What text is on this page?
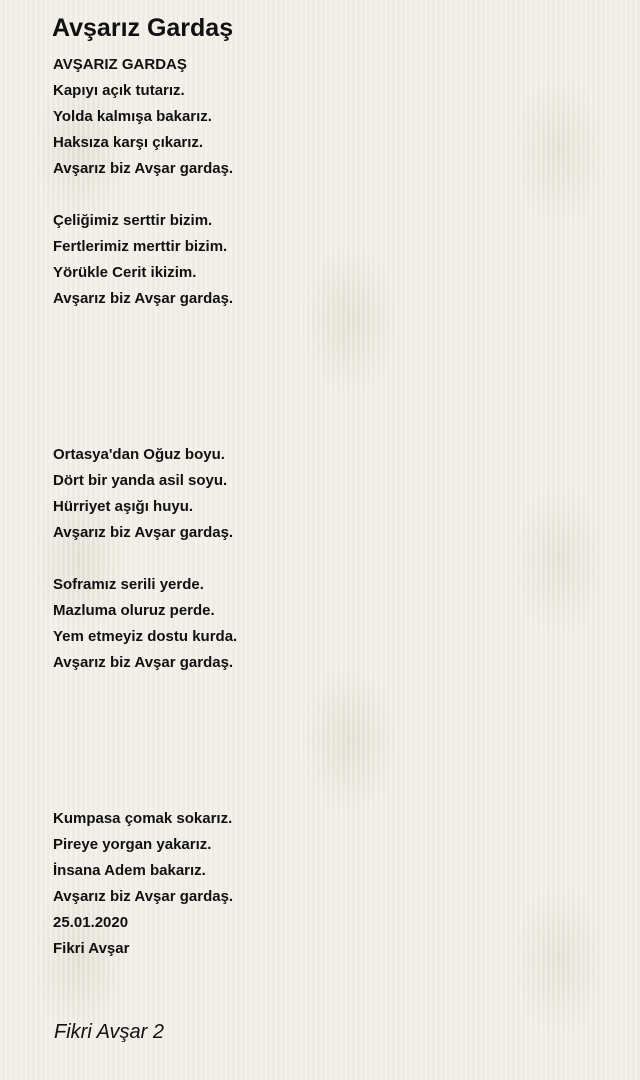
Avşarız Gardaş
AVŞARIZ GARDAŞ
Kapıyı açık tutarız.
Yolda kalmışa bakarız.
Haksıza karşı çıkarız.
Avşarız biz Avşar gardaş.
Çeliğimiz serttir bizim.
Fertlerimiz merttir bizim.
Yörükle Cerit ikizim.
Avşarız biz Avşar gardaş.
Ortasya'dan Oğuz boyu.
Dört bir yanda asil soyu.
Hürriyet aşığı huyu.
Avşarız biz Avşar gardaş.
Soframız serili yerde.
Mazluma oluruz perde.
Yem etmeyiz dostu kurda.
Avşarız biz Avşar gardaş.
Kumpasa çomak sokarız.
Pireye yorgan yakarız.
İnsana Adem bakarız.
Avşarız biz Avşar gardaş.
25.01.2020
Fikri Avşar
Fikri Avşar 2
